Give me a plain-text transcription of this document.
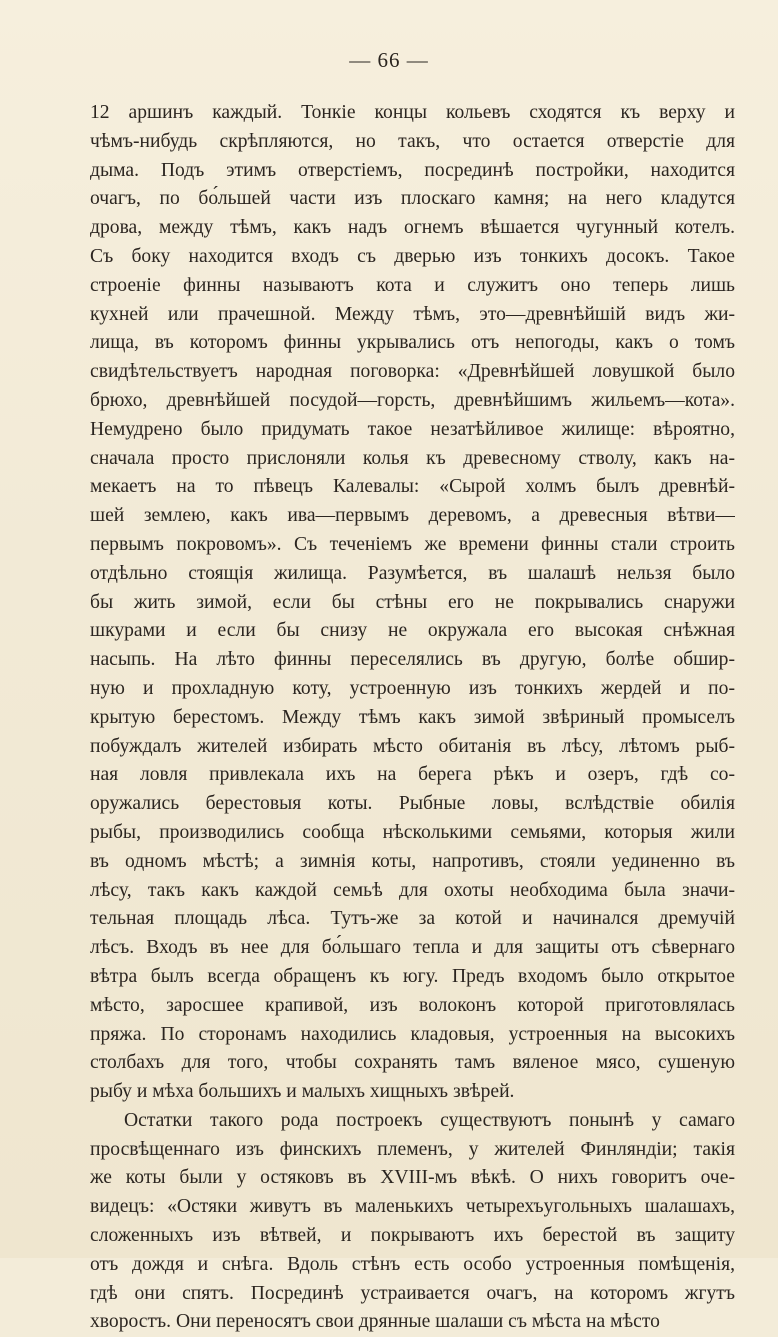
— 66 —
12 аршинъ каждый. Тонкіе концы кольевъ сходятся къ верху и
чѣмъ-нибудь скрѣпляются, но такъ, что остается отверстіе для
дыма. Подъ этимъ отверстіемъ, посрединѣ постройки, находится
очагъ, по бо́льшей части изъ плоскаго камня; на него кладутся
дрова, между тѣмъ, какъ надъ огнемъ вѣшается чугунный котелъ.
Съ боку находится входъ съ дверью изъ тонкихъ досокъ. Такое
строеніе финны называютъ кота и служитъ оно теперь лишь
кухней или прачешной. Между тѣмъ, это—древнѣйшій видъ жи-
лища, въ которомъ финны укрывались отъ непогоды, какъ о томъ
свидѣтельствуетъ народная поговорка: «Древнѣйшей ловушкой было
брюхо, древнѣйшей посудой—горсть, древнѣйшимъ жильемъ—кота».
Немудрено было придумать такое незатѣйливое жилище: вѣроятно,
сначала просто прислоняли колья къ древесному стволу, какъ на-
мекаетъ на то пѣвецъ Калевалы: «Сырой холмъ былъ древнѣй-
шей землею, какъ ива—первымъ деревомъ, а древесныя вѣтви—
первымъ покровомъ». Съ теченіемъ же времени финны стали строить
отдѣльно стоящія жилища. Разумѣется, въ шалашѣ нельзя было
бы жить зимой, если бы стѣны его не покрывались снаружи
шкурами и если бы снизу не окружала его высокая снѣжная
насыпь. На лѣто финны переселялись въ другую, болѣе обшир-
ную и прохладную коту, устроенную изъ тонкихъ жердей и по-
крытую берестомъ. Между тѣмъ какъ зимой звѣриный промыселъ
побуждалъ жителей избирать мѣсто обитанія въ лѣсу, лѣтомъ рыб-
ная ловля привлекала ихъ на берега рѣкъ и озеръ, гдѣ со-
оружались берестовыя коты. Рыбные ловы, вслѣдствіе обилія
рыбы, производились сообща нѣсколькими семьями, которыя жили
въ одномъ мѣстѣ; а зимнія коты, напротивъ, стояли уединенно въ
лѣсу, такъ какъ каждой семьѣ для охоты необходима была значи-
тельная площадь лѣса. Тутъ-же за котой и начинался дремучій
лѣсъ. Входъ въ нее для бо́льшаго тепла и для защиты отъ сѣвернаго
вѣтра былъ всегда обращенъ къ югу. Предъ входомъ было открытое
мѣсто, заросшее крапивой, изъ волоконъ которой приготовлялась
пряжа. По сторонамъ находились кладовыя, устроенныя на высокихъ
столбахъ для того, чтобы сохранять тамъ вяленое мясо, сушеную
рыбу и мѣха большихъ и малыхъ хищныхъ звѣрей.
Остатки такого рода построекъ существуютъ понынѣ у самаго
просвѣщеннаго изъ финскихъ племенъ, у жителей Финляндіи; такія
же коты были у остяковъ въ XVIII-мъ вѣкѣ. О нихъ говоритъ оче-
видецъ: «Остяки живутъ въ маленькихъ четырехъугольныхъ шалашахъ,
сложенныхъ изъ вѣтвей, и покрываютъ ихъ берестой въ защиту
отъ дождя и снѣга. Вдоль стѣнъ есть особо устроенныя помѣщенія,
гдѣ они спятъ. Посрединѣ устраивается очагъ, на которомъ жгутъ
хворостъ. Они переносятъ свои дрянные шалаши съ мѣста на мѣсто
